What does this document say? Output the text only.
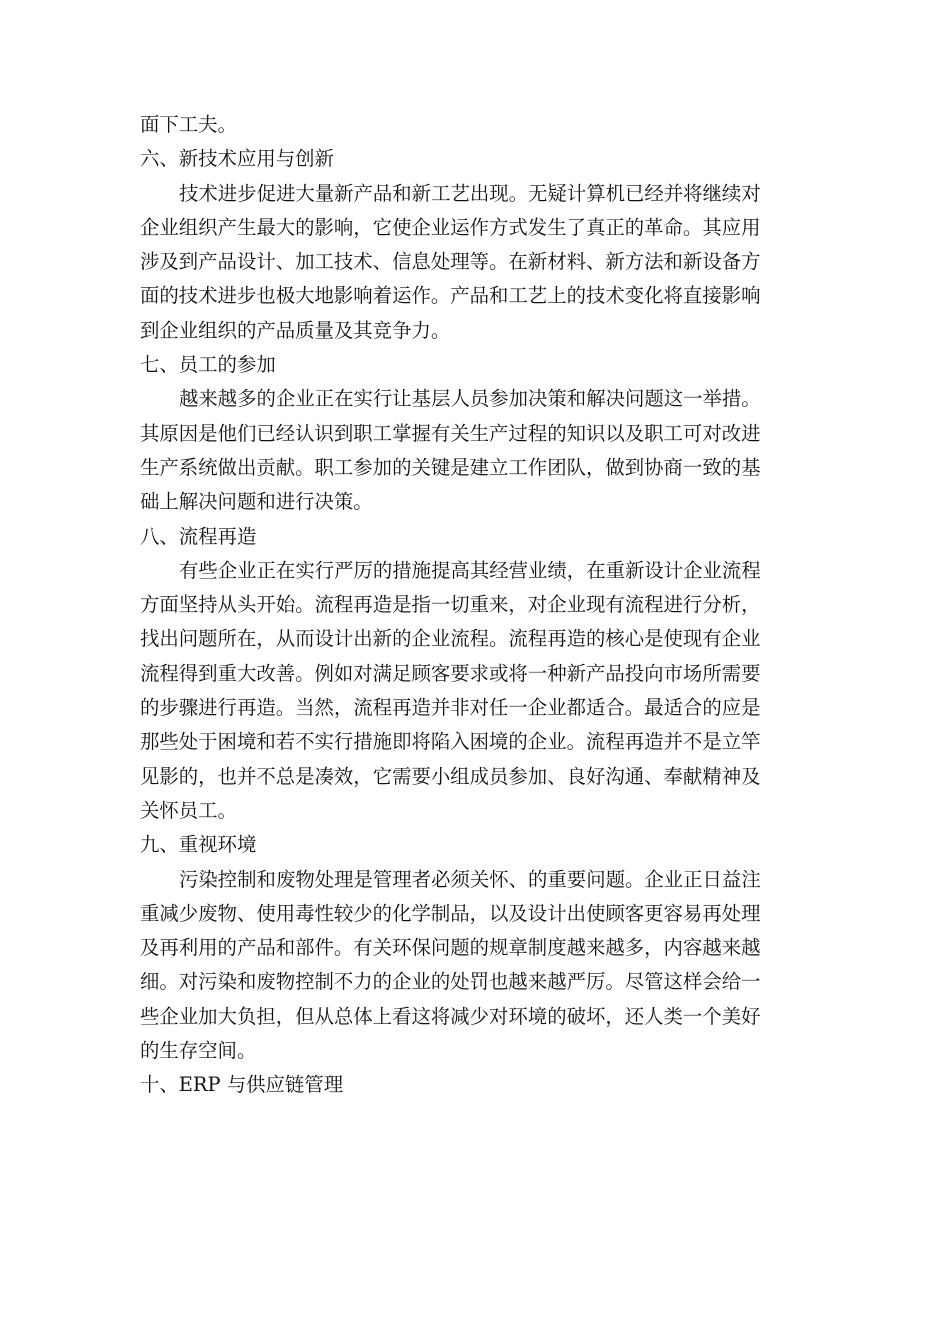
面下工夫。

六、新技术应用与创新

技术进步促进大量新产品和新工艺出现。无疑计算机已经并将继续对

企业组织产生最大的影响，它使企业运作方式发生了真正的革命。其应用

涉及到产品设计、加工技术、信息处理等。在新材料、新方法和新设备方

面的技术进步也极大地影响着运作。产品和工艺上的技术变化将直接影响

到企业组织的产品质量及其竞争力。

七、员工的参加

越来越多的企业正在实行让基层人员参加决策和解决问题这一举措。

其原因是他们已经认识到职工掌握有关生产过程的知识以及职工可对改进

生产系统做出贡献。职工参加的关键是建立工作团队，做到协商一致的基

础上解决问题和进行决策。

八、流程再造

有些企业正在实行严厉的措施提高其经营业绩，在重新设计企业流程

方面坚持从头开始。流程再造是指一切重来，对企业现有流程进行分析，

找出问题所在，从而设计出新的企业流程。流程再造的核心是使现有企业

流程得到重大改善。例如对满足顾客要求或将一种新产品投向市场所需要

的步骤进行再造。当然，流程再造并非对任一企业都适合。最适合的应是

那些处于困境和若不实行措施即将陷入困境的企业。流程再造并不是立竿

见影的，也并不总是凑效，它需要小组成员参加、良好沟通、奉献精神及

关怀员工。

九、重视环境

污染控制和废物处理是管理者必须关怀、的重要问题。企业正日益注

重减少废物、使用毒性较少的化学制品，以及设计出使顾客更容易再处理

及再利用的产品和部件。有关环保问题的规章制度越来越多，内容越来越

细。对污染和废物控制不力的企业的处罚也越来越严厉。尽管这样会给一

些企业加大负担，但从总体上看这将减少对环境的破坏，还人类一个美好

的生存空间。

十、ERP 与供应链管理
